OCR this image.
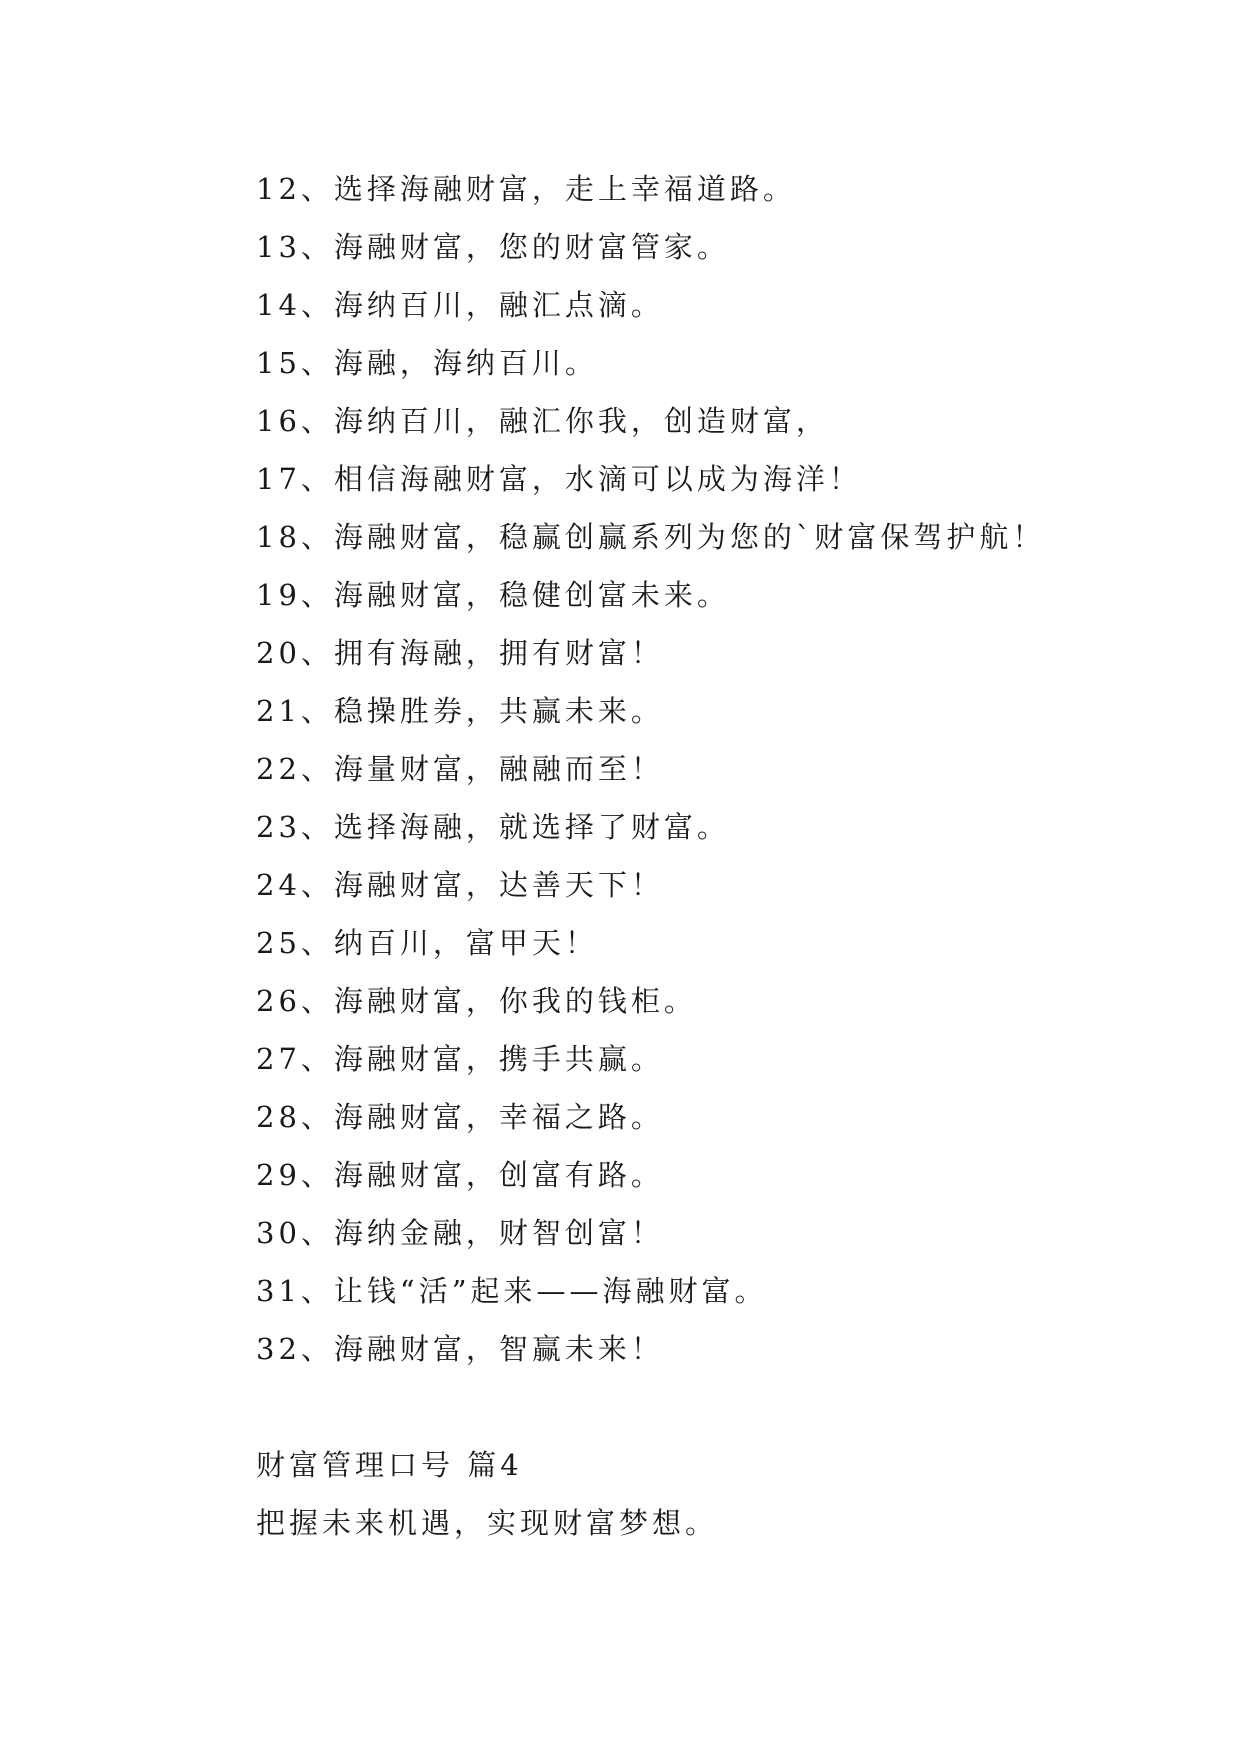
12、选择海融财富，走上幸福道路。
13、海融财富，您的财富管家。
14、海纳百川，融汇点滴。
15、海融，海纳百川。
16、海纳百川，融汇你我，创造财富，
17、相信海融财富，水滴可以成为海洋！
18、海融财富，稳赢创赢系列为您的`财富保驾护航！
19、海融财富，稳健创富未来。
20、拥有海融，拥有财富！
21、稳操胜券，共赢未来。
22、海量财富，融融而至！
23、选择海融，就选择了财富。
24、海融财富，达善天下！
25、纳百川，富甲天！
26、海融财富，你我的钱柜。
27、海融财富，携手共赢。
28、海融财富，幸福之路。
29、海融财富，创富有路。
30、海纳金融，财智创富！
31、让钱“活”起来——海融财富。
32、海融财富，智赢未来！
财富管理口号 篇4

把握未来机遇，实现财富梦想。
